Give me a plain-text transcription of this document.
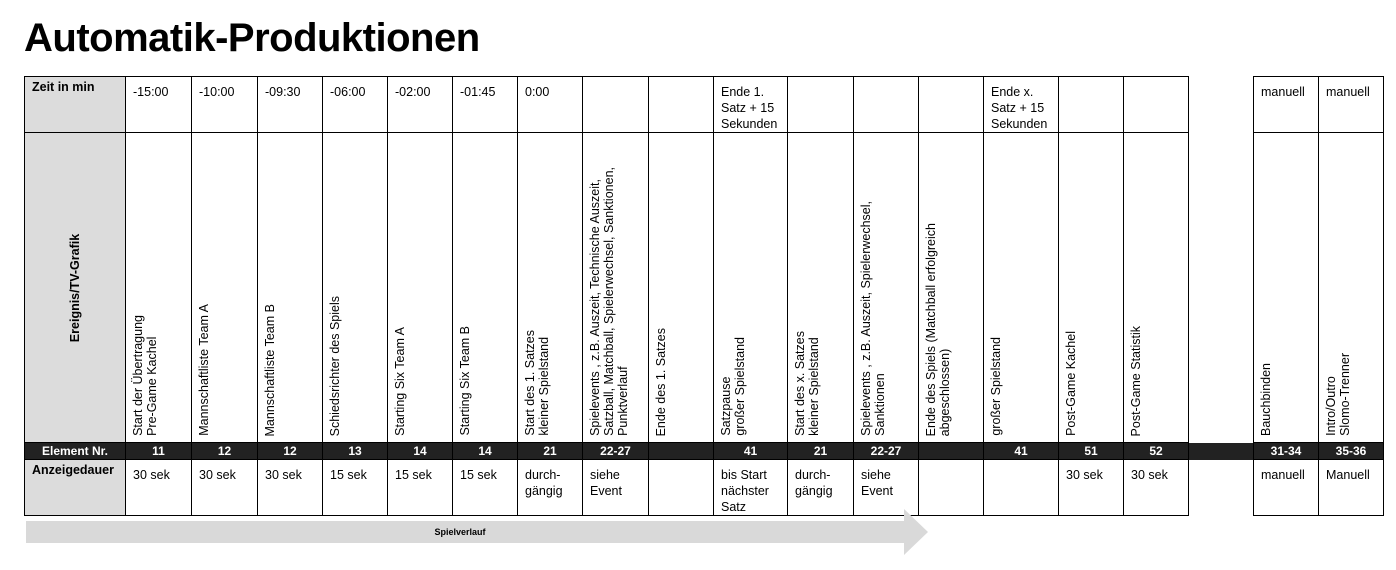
Automatik-Produktionen
Zeit in min	-15:00	-10:00	-09:30	-06:00	-02:00	-01:45	0:00			Ende 1.
Satz + 15
Sekunden				Ende x.
Satz + 15
Sekunden				manuell	manuell

Ereignis/TV-Grafik	Start der Übertragung
Pre-Game Kachel	Mannschaftliste Team A	Mannschaftliste Team B	Schiedsrichter des Spiels	Starting Six Team A	Starting Six Team B	Start des 1. Satzes
kleiner Spielstand	Spielevents , z.B. Auszeit, Technische Auszeit,
Satzball, Matchball, Spielerwechsel, Sanktionen,
Punktverlauf	Ende des 1. Satzes	Satzpause
großer Spielstand	Start des x. Satzes
kleiner Spielstand	Spielevents , z.B. Auszeit, Spielerwechsel,
Sanktionen	Ende des Spiels (Matchball erfolgreich
abgeschlossen)	großer Spielstand	Post-Game Kachel	Post-Game Statistik		Bauchbinden	Intro/Outro
Slomo-Trenner

Element Nr.	11	12	12	13	14	14	21	22-27		41	21	22-27		41	51	52		31-34	35-36

Anzeigedauer	30 sek	30 sek	30 sek	15 sek	15 sek	15 sek	durch-
gängig	siehe
Event		bis Start
nächster
Satz	durch-
gängig	siehe
Event			30 sek	30 sek		manuell	Manuell
Spielverlauf
